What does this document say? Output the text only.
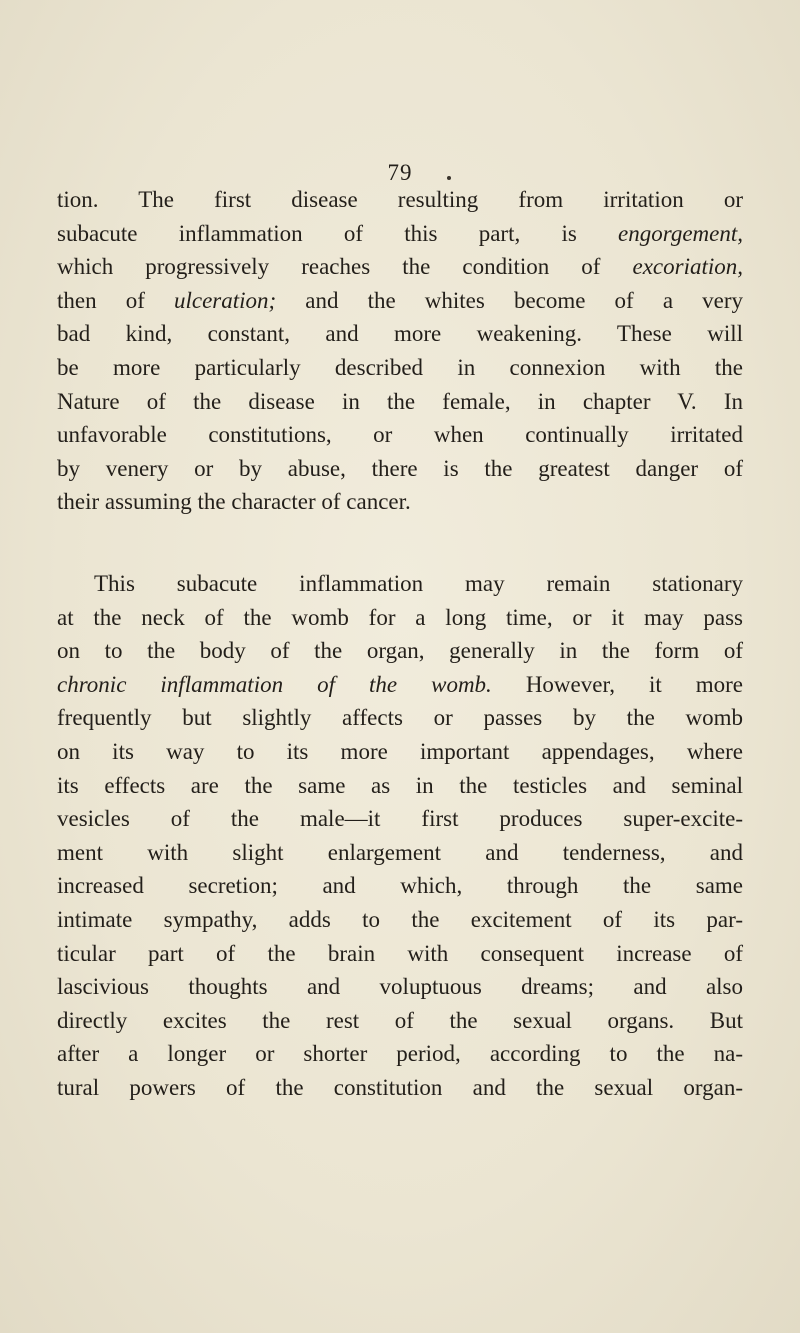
79
tion. The first disease resulting from irritation or
subacute inflammation of this part, is engorgement,
which progressively reaches the condition of excoriation,
then of ulceration; and the whites become of a very
bad kind, constant, and more weakening. These will
be more particularly described in connexion with the
Nature of the disease in the female, in chapter V. In
unfavorable constitutions, or when continually irritated
by venery or by abuse, there is the greatest danger of
their assuming the character of cancer.
This subacute inflammation may remain stationary
at the neck of the womb for a long time, or it may pass
on to the body of the organ, generally in the form of
chronic inflammation of the womb. However, it more
frequently but slightly affects or passes by the womb
on its way to its more important appendages, where
its effects are the same as in the testicles and seminal
vesicles of the male—it first produces super-excite-
ment with slight enlargement and tenderness, and
increased secretion; and which, through the same
intimate sympathy, adds to the excitement of its par-
ticular part of the brain with consequent increase of
lascivious thoughts and voluptuous dreams; and also
directly excites the rest of the sexual organs. But
after a longer or shorter period, according to the na-
tural powers of the constitution and the sexual organ-
